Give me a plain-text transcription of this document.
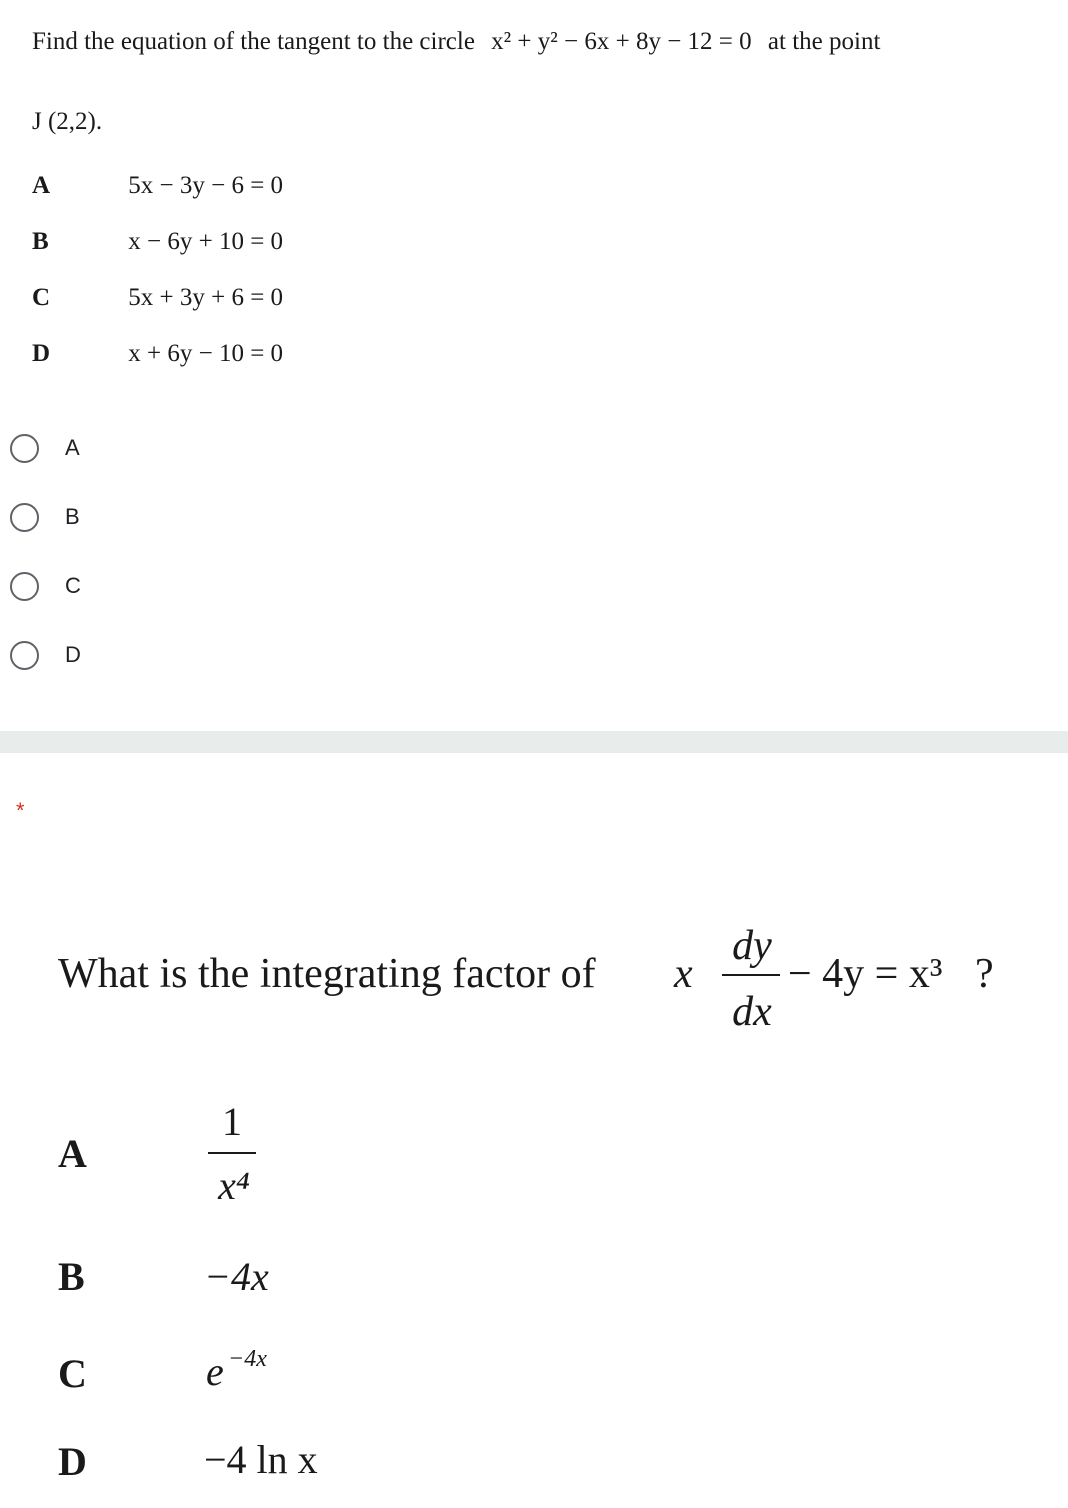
Find the equation of the tangent to the circle x² + y² − 6x + 8y − 12 = 0 at the point
J (2,2).
A	5x − 3y − 6 = 0
B	x − 6y + 10 = 0
C	5x + 3y + 6 = 0
D	x + 6y − 10 = 0
A
B
C
D
*
What is the integrating factor of x
dy
dx
− 4y = x³ ?
A
1
x⁴
B	−4x
C	e −4x
D	−4 ln x
